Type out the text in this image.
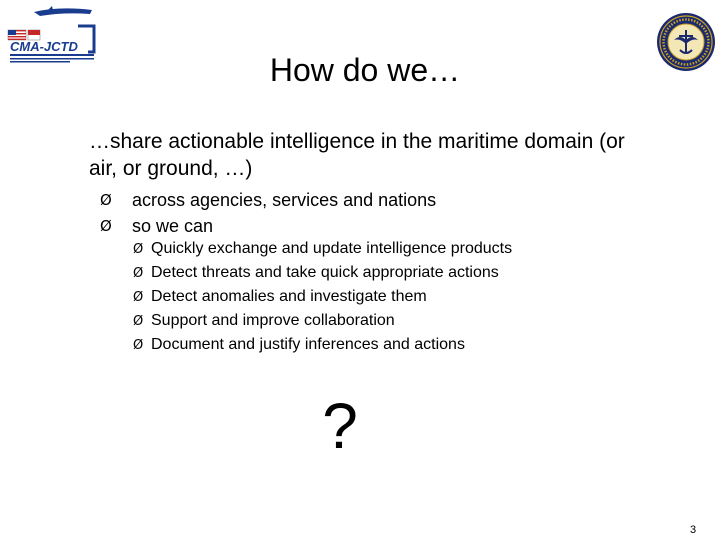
CMA-JCTD
How do we…
…share actionable intelligence in the maritime domain (or air, or ground, …)
Ø	across agencies, services and nations
Ø	so we can
Ø Quickly exchange and update intelligence products
Ø Detect threats and take quick appropriate actions
Ø Detect anomalies and investigate them
Ø Support and improve collaboration
Ø Document and justify inferences and actions
?
3
